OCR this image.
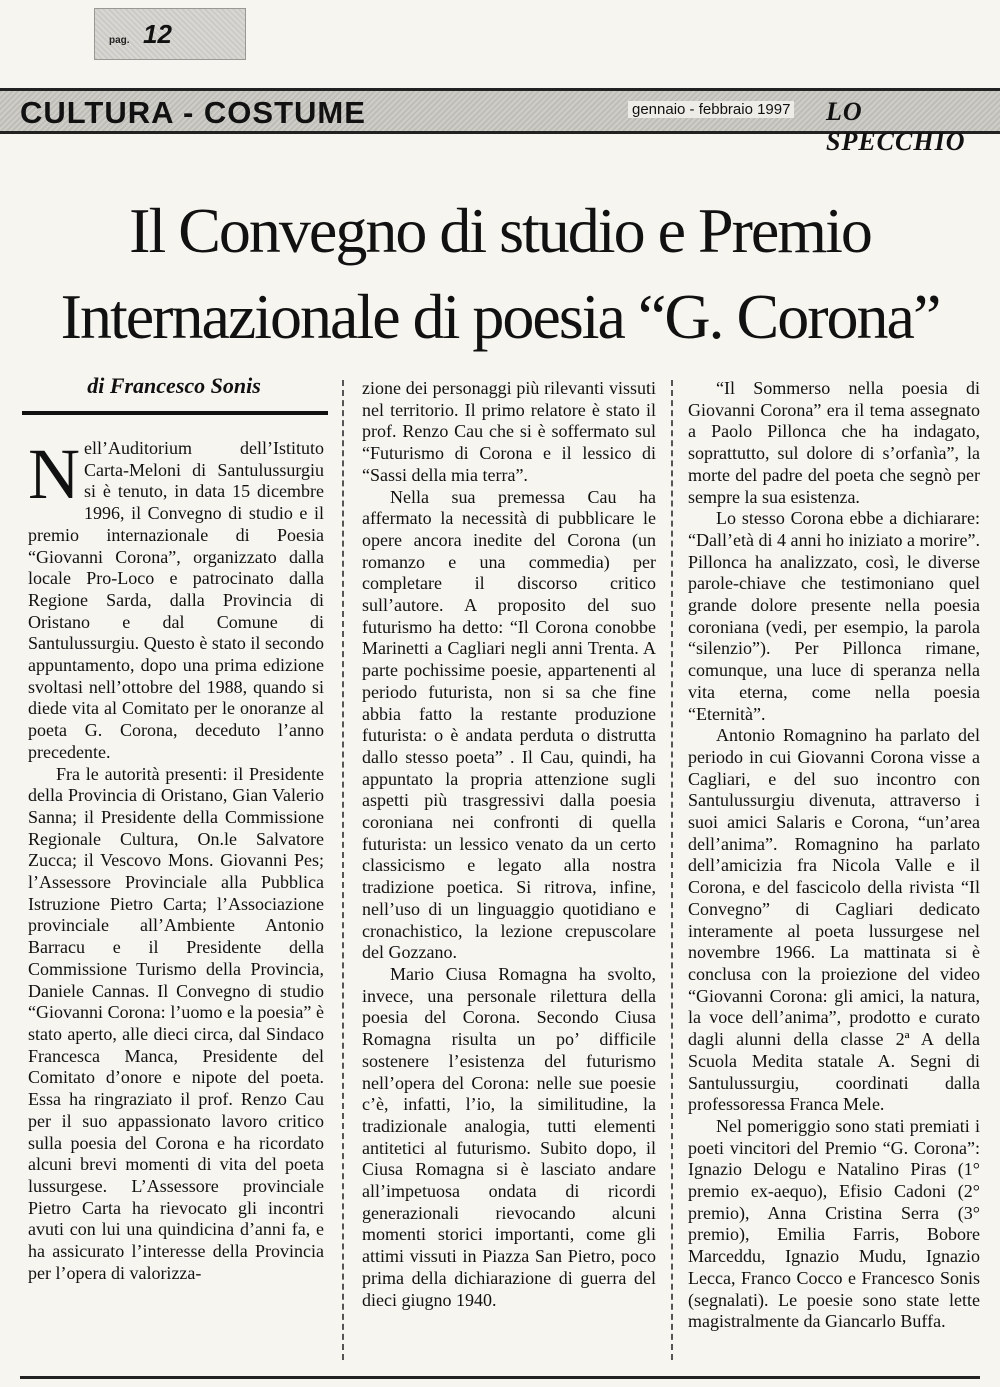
pag. 12
CULTURA - COSTUME	gennaio - febbraio 1997 LO SPECCHIO
Il Convegno di studio e Premio Internazionale di poesia “G. Corona”

di Francesco Sonis

Nell’Auditorium dell’Istituto Carta-Meloni di Santulussurgiu si è tenuto, in data 15 dicembre 1996, il Convegno di studio e il premio internazionale di Poesia “Giovanni Corona”, organizzato dalla locale Pro-Loco e patrocinato dalla Regione Sarda, dalla Provincia di Oristano e dal Comune di Santulussurgiu. Questo è stato il secondo appuntamento, dopo una prima edizione svoltasi nell’ottobre del 1988, quando si diede vita al Comitato per le onoranze al poeta G. Corona, deceduto l’anno precedente.

Fra le autorità presenti: il Presidente della Provincia di Oristano, Gian Valerio Sanna; il Presidente della Commissione Regionale Cultura, On.le Salvatore Zucca; il Vescovo Mons. Giovanni Pes; l’Assessore Provinciale alla Pubblica Istruzione Pietro Carta; l’Associazione provinciale all’Ambiente Antonio Barracu e il Presidente della Commissione Turismo della Provincia, Daniele Cannas. Il Convegno di studio “Giovanni Corona: l’uomo e la poesia” è stato aperto, alle dieci circa, dal Sindaco Francesca Manca, Presidente del Comitato d’onore e nipote del poeta. Essa ha ringraziato il prof. Renzo Cau per il suo appassionato lavoro critico sulla poesia del Corona e ha ricordato alcuni brevi momenti di vita del poeta lussurgese. L’Assessore provinciale Pietro Carta ha rievocato gli incontri avuti con lui una quindicina d’anni fa, e ha assicurato l’interesse della Provincia per l’opera di valorizza-

zione dei personaggi più rilevanti vissuti nel territorio. Il primo relatore è stato il prof. Renzo Cau che si è soffermato sul “Futurismo di Corona e il lessico di “Sassi della mia terra”.

Nella sua premessa Cau ha affermato la necessità di pubblicare le opere ancora inedite del Corona (un romanzo e una commedia) per completare il discorso critico sull’autore. A proposito del suo futurismo ha detto: “Il Corona conobbe Marinetti a Cagliari negli anni Trenta. A parte pochissime poesie, appartenenti al periodo futurista, non si sa che fine abbia fatto la restante produzione futurista: o è andata perduta o distrutta dallo stesso poeta” . Il Cau, quindi, ha appuntato la propria attenzione sugli aspetti più trasgressivi dalla poesia coroniana nei confronti di quella futurista: un lessico venato da un certo classicismo e legato alla nostra tradizione poetica. Si ritrova, infine, nell’uso di un linguaggio quotidiano e cronachistico, la lezione crepuscolare del Gozzano.

Mario Ciusa Romagna ha svolto, invece, una personale rilettura della poesia del Corona. Secondo Ciusa Romagna risulta un po’ difficile sostenere l’esistenza del futurismo nell’opera del Corona: nelle sue poesie c’è, infatti, l’io, la similitudine, la tradizionale analogia, tutti elementi antitetici al futurismo. Subito dopo, il Ciusa Romagna si è lasciato andare all’impetuosa ondata di ricordi generazionali rievocando alcuni momenti storici importanti, come gli attimi vissuti in Piazza San Pietro, poco prima della dichiarazione di guerra del dieci giugno 1940.

“Il Sommerso nella poesia di Giovanni Corona” era il tema assegnato a Paolo Pillonca che ha indagato, soprattutto, sul dolore di s’orfanìa”, la morte del padre del poeta che segnò per sempre la sua esistenza.

Lo stesso Corona ebbe a dichiarare: “Dall’età di 4 anni ho iniziato a morire”. Pillonca ha analizzato, così, le diverse parole-chiave che testimoniano quel grande dolore presente nella poesia coroniana (vedi, per esempio, la parola “silenzio”). Per Pillonca rimane, comunque, una luce di speranza nella vita eterna, come nella poesia “Eternità”.

Antonio Romagnino ha parlato del periodo in cui Giovanni Corona visse a Cagliari, e del suo incontro con Santulussurgiu divenuta, attraverso i suoi amici Salaris e Corona, “un’area dell’anima”. Romagnino ha parlato dell’amicizia fra Nicola Valle e il Corona, e del fascicolo della rivista “Il Convegno” di Cagliari dedicato interamente al poeta lussurgese nel novembre 1966. La mattinata si è conclusa con la proiezione del video “Giovanni Corona: gli amici, la natura, la voce dell’anima”, prodotto e curato dagli alunni della classe 2ª A della Scuola Medita statale A. Segni di Santulussurgiu, coordinati dalla professoressa Franca Mele.

Nel pomeriggio sono stati premiati i poeti vincitori del Premio “G. Corona”: Ignazio Delogu e Natalino Piras (1° premio ex-aequo), Efisio Cadoni (2° premio), Anna Cristina Serra (3° premio), Emilia Farris, Bobore Marceddu, Ignazio Mudu, Ignazio Lecca, Franco Cocco e Francesco Sonis (segnalati). Le poesie sono state lette magistralmente da Giancarlo Buffa.
